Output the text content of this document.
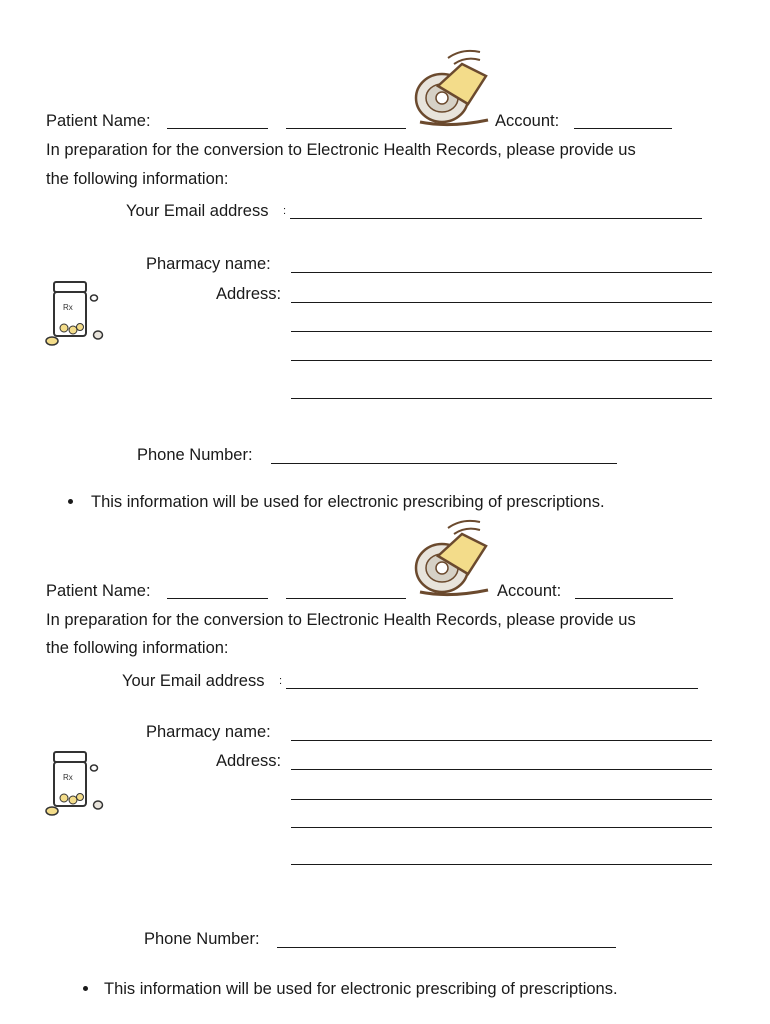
Patient Name:	Account:
In preparation for the conversion to Electronic Health Records, please provide us
the following information:
Your Email address :
Rx
Pharmacy name:
Address:
Phone Number:
This information will be used for electronic prescribing of prescriptions.
Patient Name:	Account:
In preparation for the conversion to Electronic Health Records, please provide us
the following information:
Your Email address :
Rx
Pharmacy name:
Address:
Phone Number:
This information will be used for electronic prescribing of prescriptions.
